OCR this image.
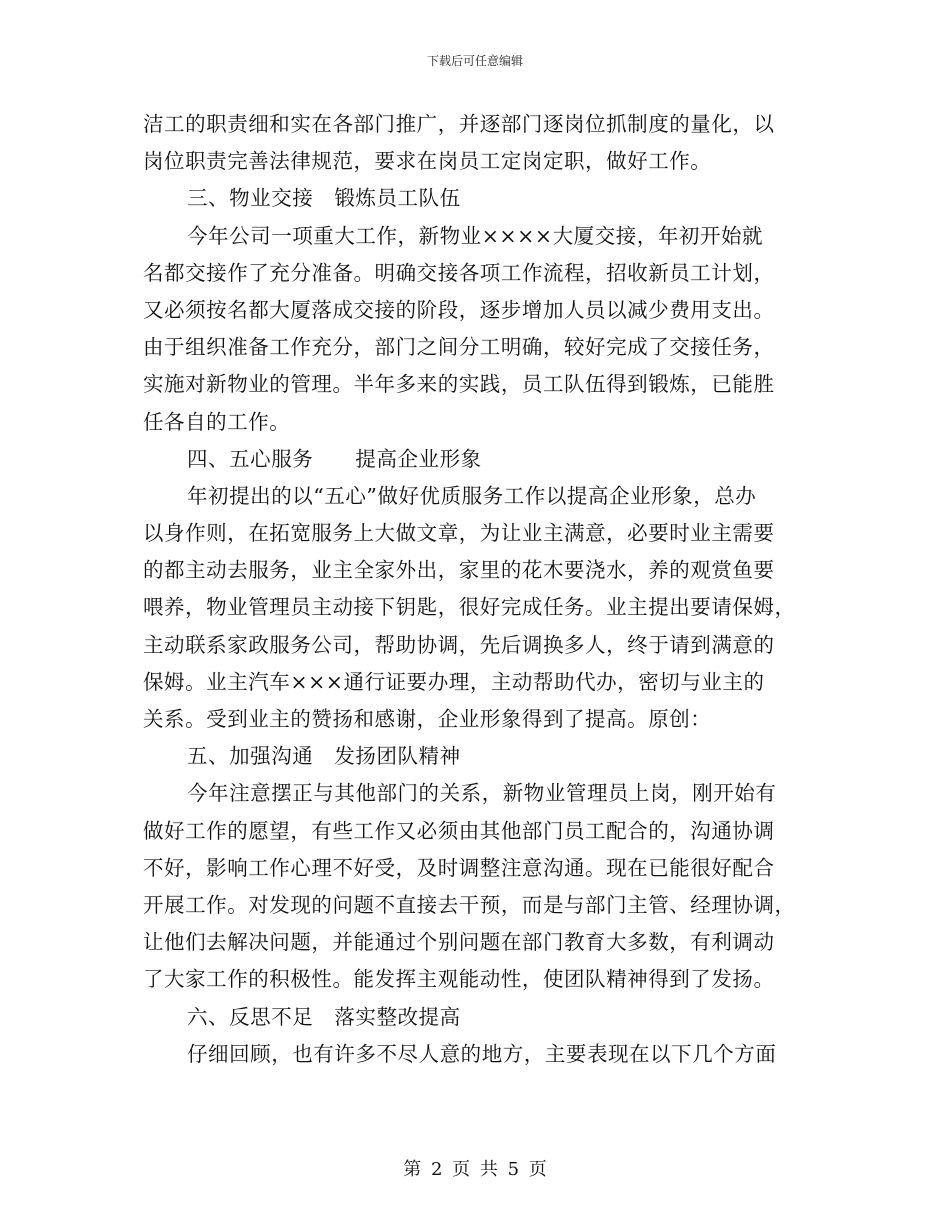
下载后可任意编辑
洁工的职责细和实在各部门推广，并逐部门逐岗位抓制度的量化，以
岗位职责完善法律规范，要求在岗员工定岗定职，做好工作。
三、物业交接　锻炼员工队伍
今年公司一项重大工作，新物业××××大厦交接，年初开始就
名都交接作了充分准备。明确交接各项工作流程，招收新员工计划，
又必须按名都大厦落成交接的阶段，逐步增加人员以减少费用支出。
由于组织准备工作充分，部门之间分工明确，较好完成了交接任务，
实施对新物业的管理。半年多来的实践，员工队伍得到锻炼，已能胜
任各自的工作。
四、五心服务　　提高企业形象
年初提出的以“五心”做好优质服务工作以提高企业形象，总办
以身作则，在拓宽服务上大做文章，为让业主满意，必要时业主需要
的都主动去服务，业主全家外出，家里的花木要浇水，养的观赏鱼要
喂养，物业管理员主动接下钥匙，很好完成任务。业主提出要请保姆，
主动联系家政服务公司，帮助协调，先后调换多人，终于请到满意的
保姆。业主汽车×××通行证要办理，主动帮助代办，密切与业主的
关系。受到业主的赞扬和感谢，企业形象得到了提高。原创：
五、加强沟通　发扬团队精神
今年注意摆正与其他部门的关系，新物业管理员上岗，刚开始有
做好工作的愿望，有些工作又必须由其他部门员工配合的，沟通协调
不好，影响工作心理不好受，及时调整注意沟通。现在已能很好配合
开展工作。对发现的问题不直接去干预，而是与部门主管、经理协调，
让他们去解决问题，并能通过个别问题在部门教育大多数，有利调动
了大家工作的积极性。能发挥主观能动性，使团队精神得到了发扬。
六、反思不足　落实整改提高
仔细回顾，也有许多不尽人意的地方，主要表现在以下几个方面
第 2 页 共 5 页
